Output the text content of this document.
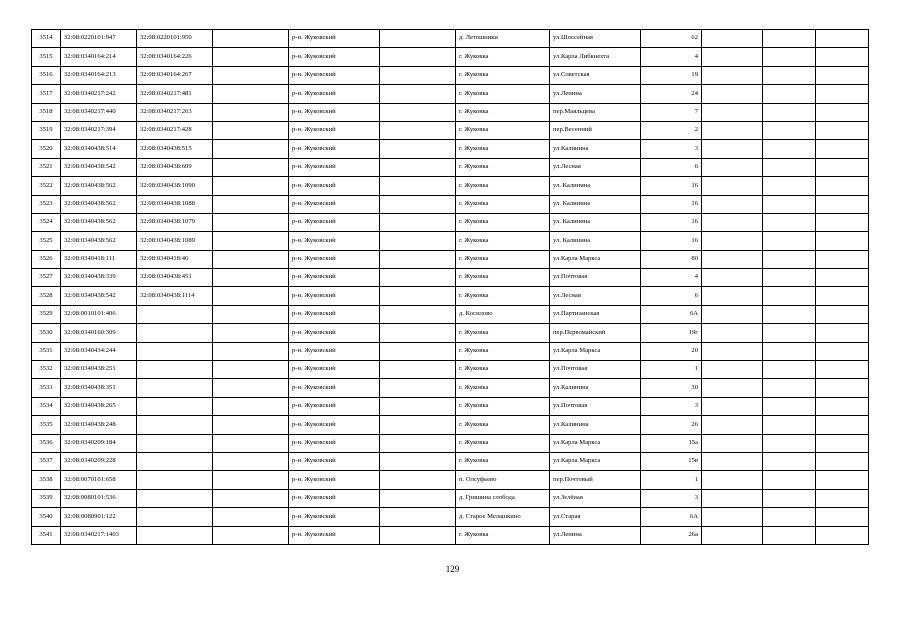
3514	32:08:0220101:947	32:08:0220101:950		р-н. Жуковский		д. Летошники	ул.Шоссейная	62			
3515	32:08:0340164:214	32:08:0340164:226		р-н. Жуковский		г. Жуковка	ул.Карла Либкнехта	4			
3516	32:08:0340164:213	32:08:0340164:267		р-н. Жуковский		г. Жуковка	ул.Советская	19			
3517	32:08:0340217:242	32:08:0340217:481		р-н. Жуковский		г. Жуковка	ул.Ленина	24			
3518	32:08:0340217:440	32:08:0340217:263		р-н. Жуковский		г. Жуковка	пер.Маяльцева	7			
3519	32:08:0340217:394	32:08:0340217:428		р-н. Жуковский		г. Жуковка	пер.Весенний	2			
3520	32:08:0340438:514	32:08:0340438:515		р-н. Жуковский		г. Жуковка	ул.Калинина	3			
3521	32:08:0340438:542	32:08:0340438:609		р-н. Жуковский		г. Жуковка	ул.Лесная	6			
3522	32:08:0340438:562	32:08:0340438:1090		р-н. Жуковский		г. Жуковка	ул. Калинина	16			
3523	32:08:0340438:562	32:08:0340438:1088		р-н. Жуковский		г. Жуковка	ул. Калинина	16			
3524	32:08:0340438:562	32:08:0340438:1079		р-н. Жуковский		г. Жуковка	ул. Калинина	16			
3525	32:08:0340438:562	32:08:0340438:1089		р-н. Жуковский		г. Жуковка	ул. Калинина	16			
3526	32:08:0340418:111	32:08:0340418:46		р-н. Жуковский		г. Жуковка	ул.Карла Маркса	80			
3527	32:08:0340438:339	32:08:0340438:451		р-н. Жуковский		г. Жуковка	ул.Почтовая	4			
3528	32:08:0340438:542	32:08:0340438:1114		р-н. Жуковский		г. Жуковка	ул.Лесная	6			
3529	32:08:0010101:406			р-н. Жуковский		д. Косилово	ул.Партизанская	6А			
3530	32:08:0340160:309			р-н. Жуковский		г. Жуковка	пер.Первомайский	19г			
3531	32:08:0340434:244			р-н. Жуковский		г. Жуковка	ул.Карла Маркса	20			
3532	32:08:0340438:251			р-н. Жуковский		г. Жуковка	ул.Почтовая	1			
3533	32:08:0340438:351			р-н. Жуковский		г. Жуковка	ул.Калинина	30			
3534	32:08:0340438:265			р-н. Жуковский		г. Жуковка	ул.Почтовая	3			
3535	32:08:0340438:248			р-н. Жуковский		г. Жуковка	ул.Калинина	26			
3536	32:08:0340209:184			р-н. Жуковский		г. Жуковка	ул.Карла Маркса	15а			
3537	32:08:0340209:228			р-н. Жуковский		г. Жуковка	ул.Карла Маркса	15в			
3538	32:08:0070101:658			р-н. Жуковский		п. Олсуфьево	пер.Почтовый	1			
3539	32:08:0080101:536			р-н. Жуковский		д. Гришина слобода	ул.Зелёная	3			
3540	32:08:0080901:122			р-н. Жуковский		д. Старое Мелашкино	ул.Старая	6А			
3541	32:08:0340217:1403			р-н. Жуковский		г. Жуковка	ул.Ленина	26а			
129
